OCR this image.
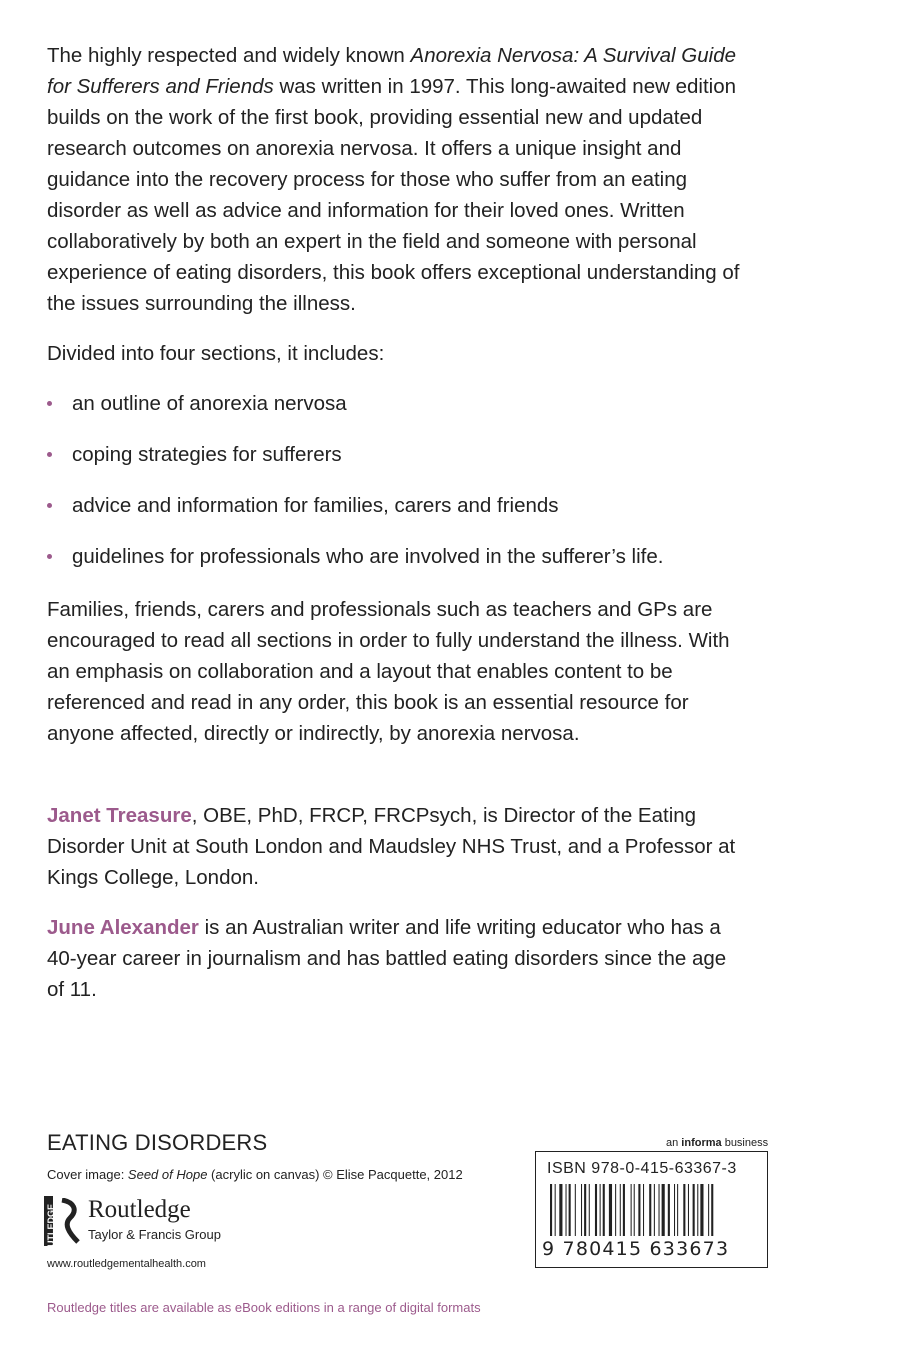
The highly respected and widely known Anorexia Nervosa: A Survival Guide for Sufferers and Friends was written in 1997. This long-awaited new edition builds on the work of the first book, providing essential new and updated research outcomes on anorexia nervosa. It offers a unique insight and guidance into the recovery process for those who suffer from an eating disorder as well as advice and information for their loved ones. Written collaboratively by both an expert in the field and someone with personal experience of eating disorders, this book offers exceptional understanding of the issues surrounding the illness.

Divided into four sections, it includes:

an outline of anorexia nervosa
coping strategies for sufferers
advice and information for families, carers and friends
guidelines for professionals who are involved in the sufferer’s life.

Families, friends, carers and professionals such as teachers and GPs are encouraged to read all sections in order to fully understand the illness. With an emphasis on collaboration and a layout that enables content to be referenced and read in any order, this book is an essential resource for anyone affected, directly or indirectly, by anorexia nervosa.

Janet Treasure, OBE, PhD, FRCP, FRCPsych, is Director of the Eating Disorder Unit at South London and Maudsley NHS Trust, and a Professor at Kings College, London.

June Alexander is an Australian writer and life writing educator who has a 40-year career in journalism and has battled eating disorders since the age of 11.

EATING DISORDERS
Cover image: Seed of Hope (acrylic on canvas) © Elise Pacquette, 2012
ROUTLEDGE Routledge
Taylor & Francis Group
www.routledgementalhealth.com
Routledge titles are available as eBook editions in a range of digital formats
an informa business
ISBN 978-0-415-63367-3
9 780415 633673
